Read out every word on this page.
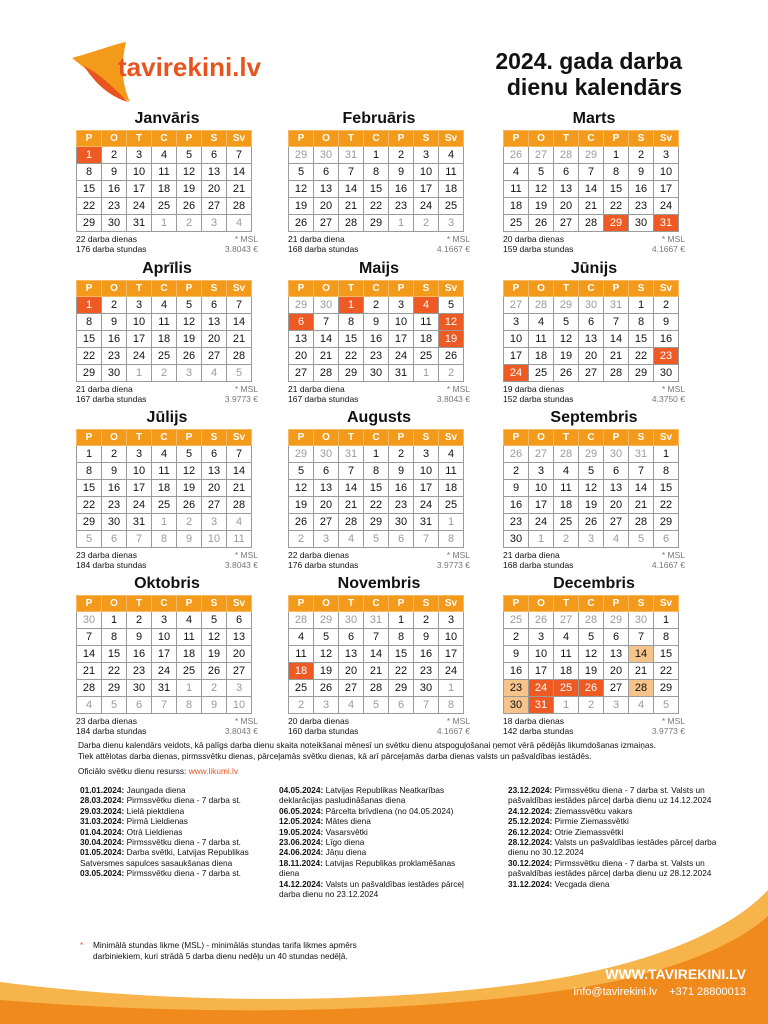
tavirekini.lv	2024. gada darba
dienu kalendārs
Janvāris
P	O	T	C	P	S	Sv
1	2	3	4	5	6	7
8	9	10	11	12	13	14
15	16	17	18	19	20	21
22	23	24	25	26	27	28
29	30	31	1	2	3	4
22 darba dienas
176 darba stundas
* MSL
3.8043 €
Februāris
P	O	T	C	P	S	Sv
29	30	31	1	2	3	4
5	6	7	8	9	10	11
12	13	14	15	16	17	18
19	20	21	22	23	24	25
26	27	28	29	1	2	3
21 darba diena
168 darba stundas
* MSL
4.1667 €
Marts
P	O	T	C	P	S	Sv
26	27	28	29	1	2	3
4	5	6	7	8	9	10
11	12	13	14	15	16	17
18	19	20	21	22	23	24
25	26	27	28	29	30	31
20 darba dienas
159 darba stundas
* MSL
4.1667 €
Aprīlis
P	O	T	C	P	S	Sv
1	2	3	4	5	6	7
8	9	10	11	12	13	14
15	16	17	18	19	20	21
22	23	24	25	26	27	28
29	30	1	2	3	4	5
21 darba diena
167 darba stundas
* MSL
3.9773 €
Maijs
P	O	T	C	P	S	Sv
29	30	1	2	3	4	5
6	7	8	9	10	11	12
13	14	15	16	17	18	19
20	21	22	23	24	25	26
27	28	29	30	31	1	2
21 darba diena
167 darba stundas
* MSL
3.8043 €
Jūnijs
P	O	T	C	P	S	Sv
27	28	29	30	31	1	2
3	4	5	6	7	8	9
10	11	12	13	14	15	16
17	18	19	20	21	22	23
24	25	26	27	28	29	30
19 darba dienas
152 darba stundas
* MSL
4.3750 €
Jūlijs
P	O	T	C	P	S	Sv
1	2	3	4	5	6	7
8	9	10	11	12	13	14
15	16	17	18	19	20	21
22	23	24	25	26	27	28
29	30	31	1	2	3	4
5	6	7	8	9	10	11
23 darba dienas
184 darba stundas
* MSL
3.8043 €
Augusts
P	O	T	C	P	S	Sv
29	30	31	1	2	3	4
5	6	7	8	9	10	11
12	13	14	15	16	17	18
19	20	21	22	23	24	25
26	27	28	29	30	31	1
2	3	4	5	6	7	8
22 darba dienas
176 darba stundas
* MSL
3.9773 €
Septembris
P	O	T	C	P	S	Sv
26	27	28	29	30	31	1
2	3	4	5	6	7	8
9	10	11	12	13	14	15
16	17	18	19	20	21	22
23	24	25	26	27	28	29
30	1	2	3	4	5	6
21 darba diena
168 darba stundas
* MSL
4.1667 €
Oktobris
P	O	T	C	P	S	Sv
30	1	2	3	4	5	6
7	8	9	10	11	12	13
14	15	16	17	18	19	20
21	22	23	24	25	26	27
28	29	30	31	1	2	3
4	5	6	7	8	9	10
23 darba dienas
184 darba stundas
* MSL
3.8043 €
Novembris
P	O	T	C	P	S	Sv
28	29	30	31	1	2	3
4	5	6	7	8	9	10
11	12	13	14	15	16	17
18	19	20	21	22	23	24
25	26	27	28	29	30	1
2	3	4	5	6	7	8
20 darba dienas
160 darba stundas
* MSL
4.1667 €
Decembris
P	O	T	C	P	S	Sv
25	26	27	28	29	30	1
2	3	4	5	6	7	8
9	10	11	12	13	14	15
16	17	18	19	20	21	22
23	24	25	26	27	28	29
30	31	1	2	3	4	5
18 darba dienas
142 darba stundas
* MSL
3.9773 €
Darba dienu kalendārs veidots, kā palīgs darba dienu skaita noteikšanai mēnesī un svētku dienu atspoguļošanai ņemot vērā pēdējās likumdošanas izmaiņas.
Tiek attēlotas darba dienas, pirmssvētku dienas, pārceļamās svētku dienas, kā arī pārceļamās darba dienas valsts un pašvaldības iestādēs.
Oficiālo svētku dienu resurss: www.likumi.lv
01.01.2024: Jaungada diena
28.03.2024: Pirmssvētku diena - 7 darba st.
29.03.2024: Lielā piektdiena
31.03.2024: Pirmā Lieldienas
01.04.2024: Otrā Lieldienas
30.04.2024: Pirmssvētku diena - 7 darba st.
01.05.2024: Darba svētki, Latvijas Republikas Satversmes sapulces sasaukšanas diena
03.05.2024: Pirmssvētku diena - 7 darba st.
04.05.2024: Latvijas Republikas Neatkarības deklarācijas pasludināšanas diena
06.05.2024: Pārcelta brīvdiena (no 04.05.2024)
12.05.2024: Mātes diena
19.05.2024: Vasarsvētki
23.06.2024: Līgo diena
24.06.2024: Jāņu diena
18.11.2024: Latvijas Republikas proklamēšanas diena
14.12.2024: Valsts un pašvaldības iestādes pārceļ darba dienu no 23.12.2024
23.12.2024: Pirmssvētku diena - 7 darba st. Valsts un pašvaldības iestādes pārceļ darba dienu uz 14.12.2024
24.12.2024: Ziemassvētku vakars
25.12.2024: Pirmie Ziemassvētki
26.12.2024: Otrie Ziemassvētki
28.12.2024: Valsts un pašvaldības iestādes pārceļ darba dienu no 30.12.2024
30.12.2024: Pirmssvētku diena - 7 darba st. Valsts un pašvaldības iestādes pārceļ darba dienu uz 28.12.2024
31.12.2024: Vecgada diena
*	Minimālā stundas likme (MSL) - minimālās stundas tarifa likmes apmērs darbiniekiem, kuri strādā 5 darba dienu nedēļu un 40 stundas nedēļā.
WWW.TAVIREKINI.LV
info@tavirekini.lv +371 28800013
